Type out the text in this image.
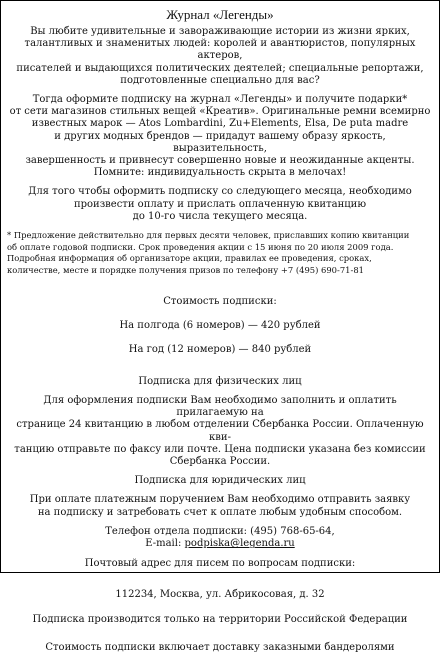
Журнал «Легенды»
Вы любите удивительные и завораживающие истории из жизни ярких,
талантливых и знаменитых людей: королей и авантюристов, популярных актеров,
писателей и выдающихся политических деятелей; специальные репортажи,
подготовленные специально для вас?
Тогда оформите подписку на журнал «Легенды» и получите подарки*
от сети магазинов стильных вещей «Креатив». Оригинальные ремни всемирно
известных марок — Atos Lombardini, Zu+Elements, Elsa, De puta madre
и других модных брендов — придадут вашему образу яркость, выразительность,
завершенность и привнесут совершенно новые и неожиданные акценты.
Помните: индивидуальность скрыта в мелочах!
Для того чтобы оформить подписку со следующего месяца, необходимо
произвести оплату и прислать оплаченную квитанцию
до 10-го числа текущего месяца.
* Предложение действительно для первых десяти человек, приславших копию квитанции
об оплате годовой подписки. Срок проведения акции с 15 июня по 20 июля 2009 года.
Подробная информация об организаторе акции, правилах ее проведения, сроках,
количестве, месте и порядке получения призов по телефону +7 (495) 690-71-81

Стоимость подписки:

На полгода (6 номеров) — 420 рублей

На год (12 номеров) — 840 рублей

Подписка для физических лиц
Для оформления подписки Вам необходимо заполнить и оплатить прилагаемую на
странице 24 квитанцию в любом отделении Сбербанка России. Оплаченную кви-
танцию отправьте по факсу или почте. Цена подписки указана без комиссии
Сбербанка России.
Подписка для юридических лиц
При оплате платежным поручением Вам необходимо отправить заявку
на подписку и затребовать счет к оплате любым удобным способом.
Телефон отдела подписки: (495) 768-65-64,
E-mail: podpiska@legenda.ru
Почтовый адрес для писем по вопросам подписки:

112234, Москва, ул. Абрикосовая, д. 32

Подписка производится только на территории Российской Федерации

Стоимость подписки включает доставку заказными бандеролями
